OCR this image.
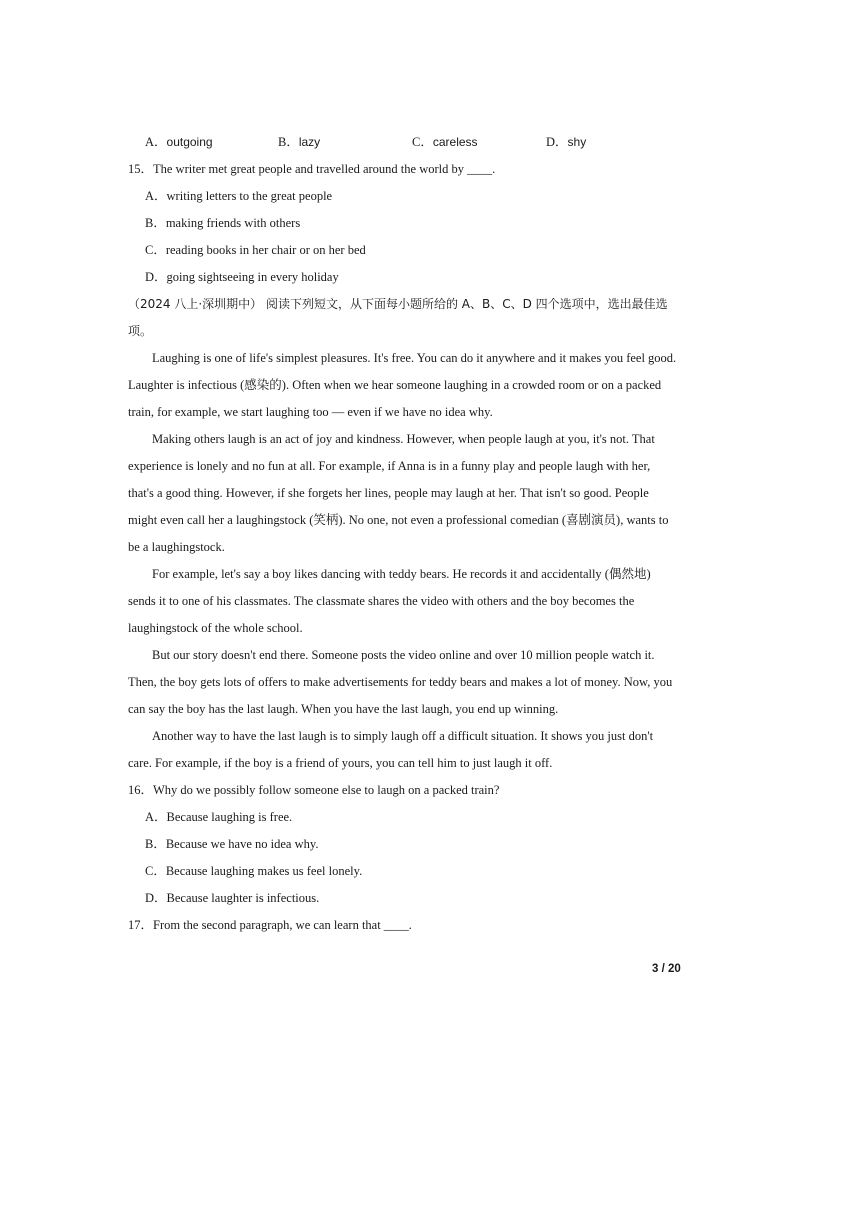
A．outgoing	B．lazy	C．careless	D．shy
15．The writer met great people and travelled around the world by ____.
A．writing letters to the great people
B．making friends with others
C．reading books in her chair or on her bed
D．going sightseeing in every holiday
（2024 八上·深圳期中） 阅读下列短文，从下面每小题所给的 A、B、C、D 四个选项中，选出最佳选
项。
Laughing is one of life's simplest pleasures. It's free. You can do it anywhere and it makes you feel good.
Laughter is infectious (感染的). Often when we hear someone laughing in a crowded room or on a packed
train, for example, we start laughing too — even if we have no idea why.
Making others laugh is an act of joy and kindness. However, when people laugh at you, it's not. That
experience is lonely and no fun at all. For example, if Anna is in a funny play and people laugh with her,
that's a good thing. However, if she forgets her lines, people may laugh at her. That isn't so good. People
might even call her a laughingstock (笑柄). No one, not even a professional comedian (喜剧演员), wants to
be a laughingstock.
For example, let's say a boy likes dancing with teddy bears. He records it and accidentally (偶然地)
sends it to one of his classmates. The classmate shares the video with others and the boy becomes the
laughingstock of the whole school.
But our story doesn't end there. Someone posts the video online and over 10 million people watch it.
Then, the boy gets lots of offers to make advertisements for teddy bears and makes a lot of money. Now, you
can say the boy has the last laugh. When you have the last laugh, you end up winning.
Another way to have the last laugh is to simply laugh off a difficult situation. It shows you just don't
care. For example, if the boy is a friend of yours, you can tell him to just laugh it off.
16．Why do we possibly follow someone else to laugh on a packed train?
A．Because laughing is free.
B．Because we have no idea why.
C．Because laughing makes us feel lonely.
D．Because laughter is infectious.
17．From the second paragraph, we can learn that ____.
3 / 20
